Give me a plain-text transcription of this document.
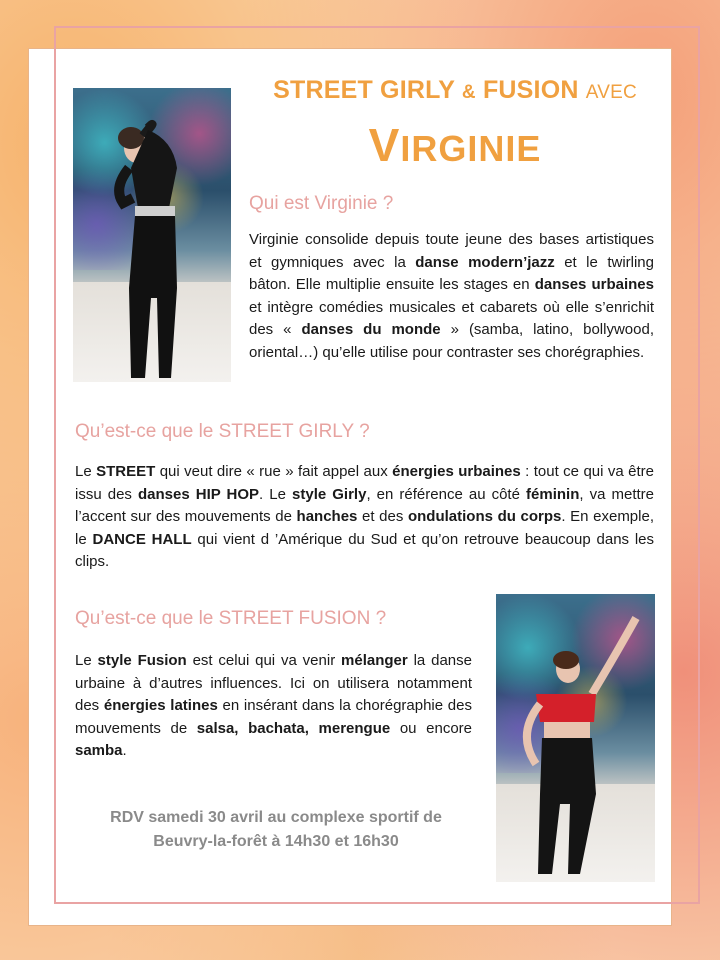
STREET GIRLY & FUSION AVEC
VIRGINIE
Qui est Virginie ?
Virginie consolide depuis toute jeune des bases artistiques et gymniques avec la danse modern’jazz et le twirling bâton. Elle multiplie ensuite les stages en danses urbaines et intègre comédies musicales et cabarets où elle s’enrichit des « danses du monde » (samba, latino, bollywood, oriental…) qu’elle utilise pour contraster ses chorégraphies.
Qu’est-ce que le STREET GIRLY ?
Le STREET qui veut dire « rue » fait appel aux énergies urbaines : tout ce qui va être issu des danses HIP HOP. Le style Girly, en référence au côté féminin, va mettre l’accent sur des mouvements de hanches et des ondulations du corps. En exemple, le DANCE HALL qui vient d ’Amérique du Sud et qu’on retrouve beaucoup dans les clips.
Qu’est-ce que le STREET FUSION ?
Le style Fusion est celui qui va venir mélanger la danse urbaine à d’autres influences. Ici on utilisera notamment des énergies latines en insérant dans la chorégraphie des mouvements de salsa, bachata, merengue ou encore samba.
RDV samedi 30 avril au complexe sportif de
Beuvry-la-forêt à 14h30 et 16h30
